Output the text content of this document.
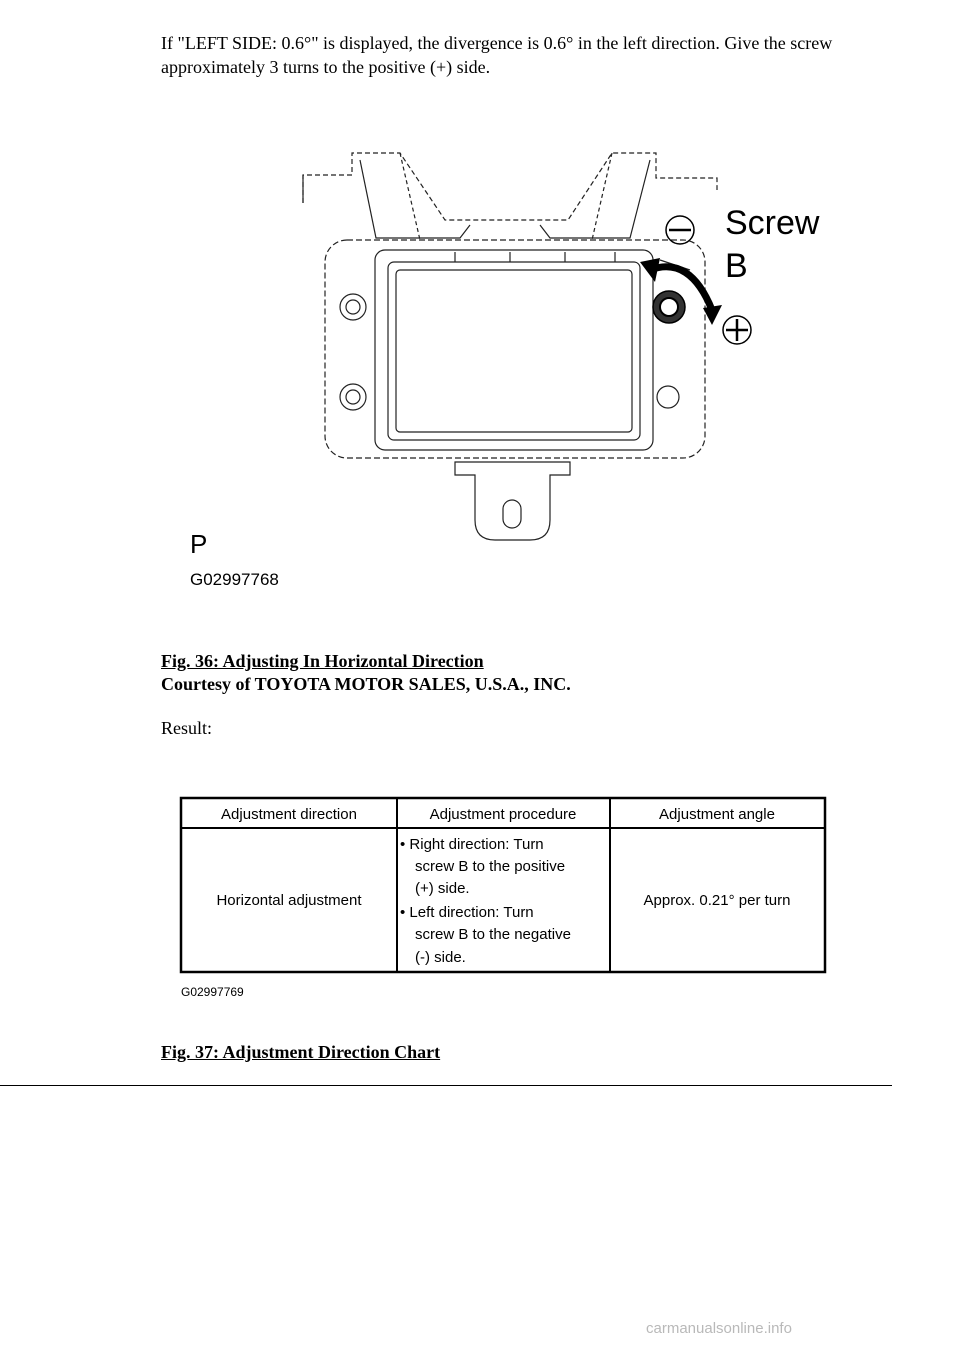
If "LEFT SIDE: 0.6°" is displayed, the divergence is 0.6° in the left direction. Give the screw approximately 3 turns to the positive (+) side.

Screw
B
P
G02997768

Fig. 36: Adjusting In Horizontal Direction

Courtesy of TOYOTA MOTOR SALES, U.S.A., INC.

Result:

Adjustment direction	Adjustment procedure	Adjustment angle
Horizontal adjustment
• Right direction: Turn
screw B to the positive
(+) side.
• Left direction: Turn
screw B to the negative
(-) side.
Approx. 0.21° per turn
G02997769

Fig. 37: Adjustment Direction Chart

carmanualsonline.info
